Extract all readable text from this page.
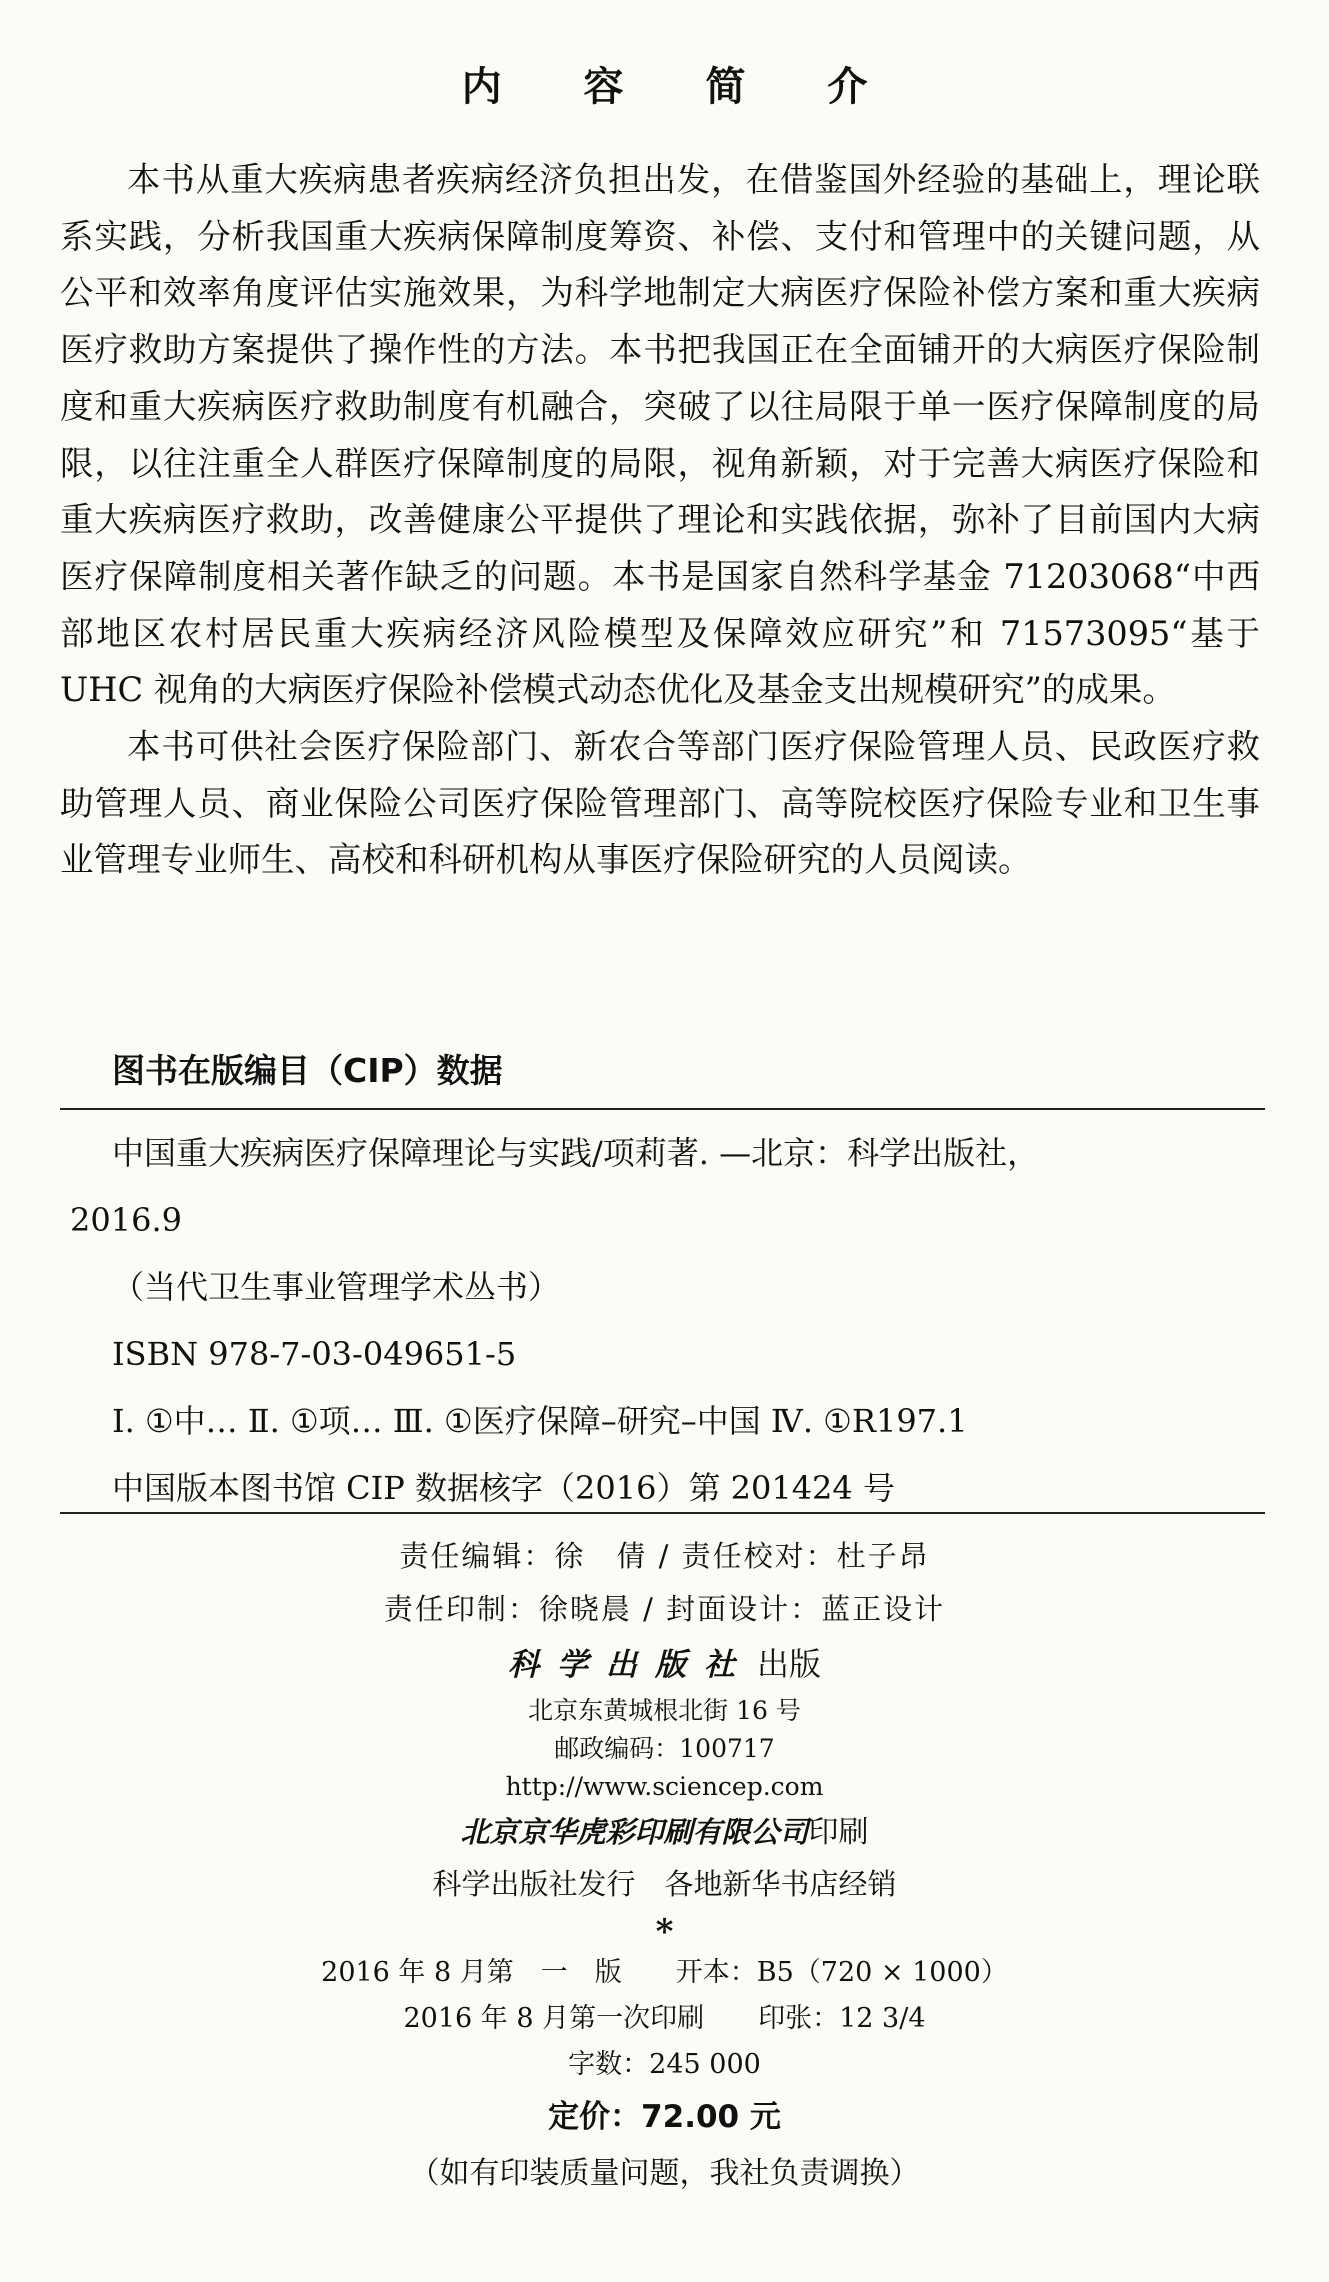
内 容 简 介

本书从重大疾病患者疾病经济负担出发，在借鉴国外经验的基础上，理论联系实践，分析我国重大疾病保障制度筹资、补偿、支付和管理中的关键问题，从公平和效率角度评估实施效果，为科学地制定大病医疗保险补偿方案和重大疾病医疗救助方案提供了操作性的方法。本书把我国正在全面铺开的大病医疗保险制度和重大疾病医疗救助制度有机融合，突破了以往局限于单一医疗保障制度的局限，以往注重全人群医疗保障制度的局限，视角新颖，对于完善大病医疗保险和重大疾病医疗救助，改善健康公平提供了理论和实践依据，弥补了目前国内大病医疗保障制度相关著作缺乏的问题。本书是国家自然科学基金 71203068“中西部地区农村居民重大疾病经济风险模型及保障效应研究”和 71573095“基于 UHC 视角的大病医疗保险补偿模式动态优化及基金支出规模研究”的成果。

本书可供社会医疗保险部门、新农合等部门医疗保险管理人员、民政医疗救助管理人员、商业保险公司医疗保险管理部门、高等院校医疗保险专业和卫生事业管理专业师生、高校和科研机构从事医疗保险研究的人员阅读。

图书在版编目（CIP）数据
中国重大疾病医疗保障理论与实践/项莉著. —北京：科学出版社，
2016.9
（当代卫生事业管理学术丛书）
ISBN 978-7-03-049651-5
Ⅰ. ①中… Ⅱ. ①项… Ⅲ. ①医疗保障–研究–中国 Ⅳ. ①R197.1
中国版本图书馆 CIP 数据核字（2016）第 201424 号
责任编辑：徐　倩 / 责任校对：杜子昂
责任印制：徐晓晨 / 封面设计：蓝正设计
科学出版社 出版
北京东黄城根北街 16 号
邮政编码：100717
http://www.sciencep.com
北京京华虎彩印刷有限公司印刷
科学出版社发行　各地新华书店经销
*
2016 年 8 月第　一　版　　开本：B5（720 × 1000）
2016 年 8 月第一次印刷　　印张：12 3/4
字数：245 000
定价：72.00 元
（如有印装质量问题，我社负责调换）
